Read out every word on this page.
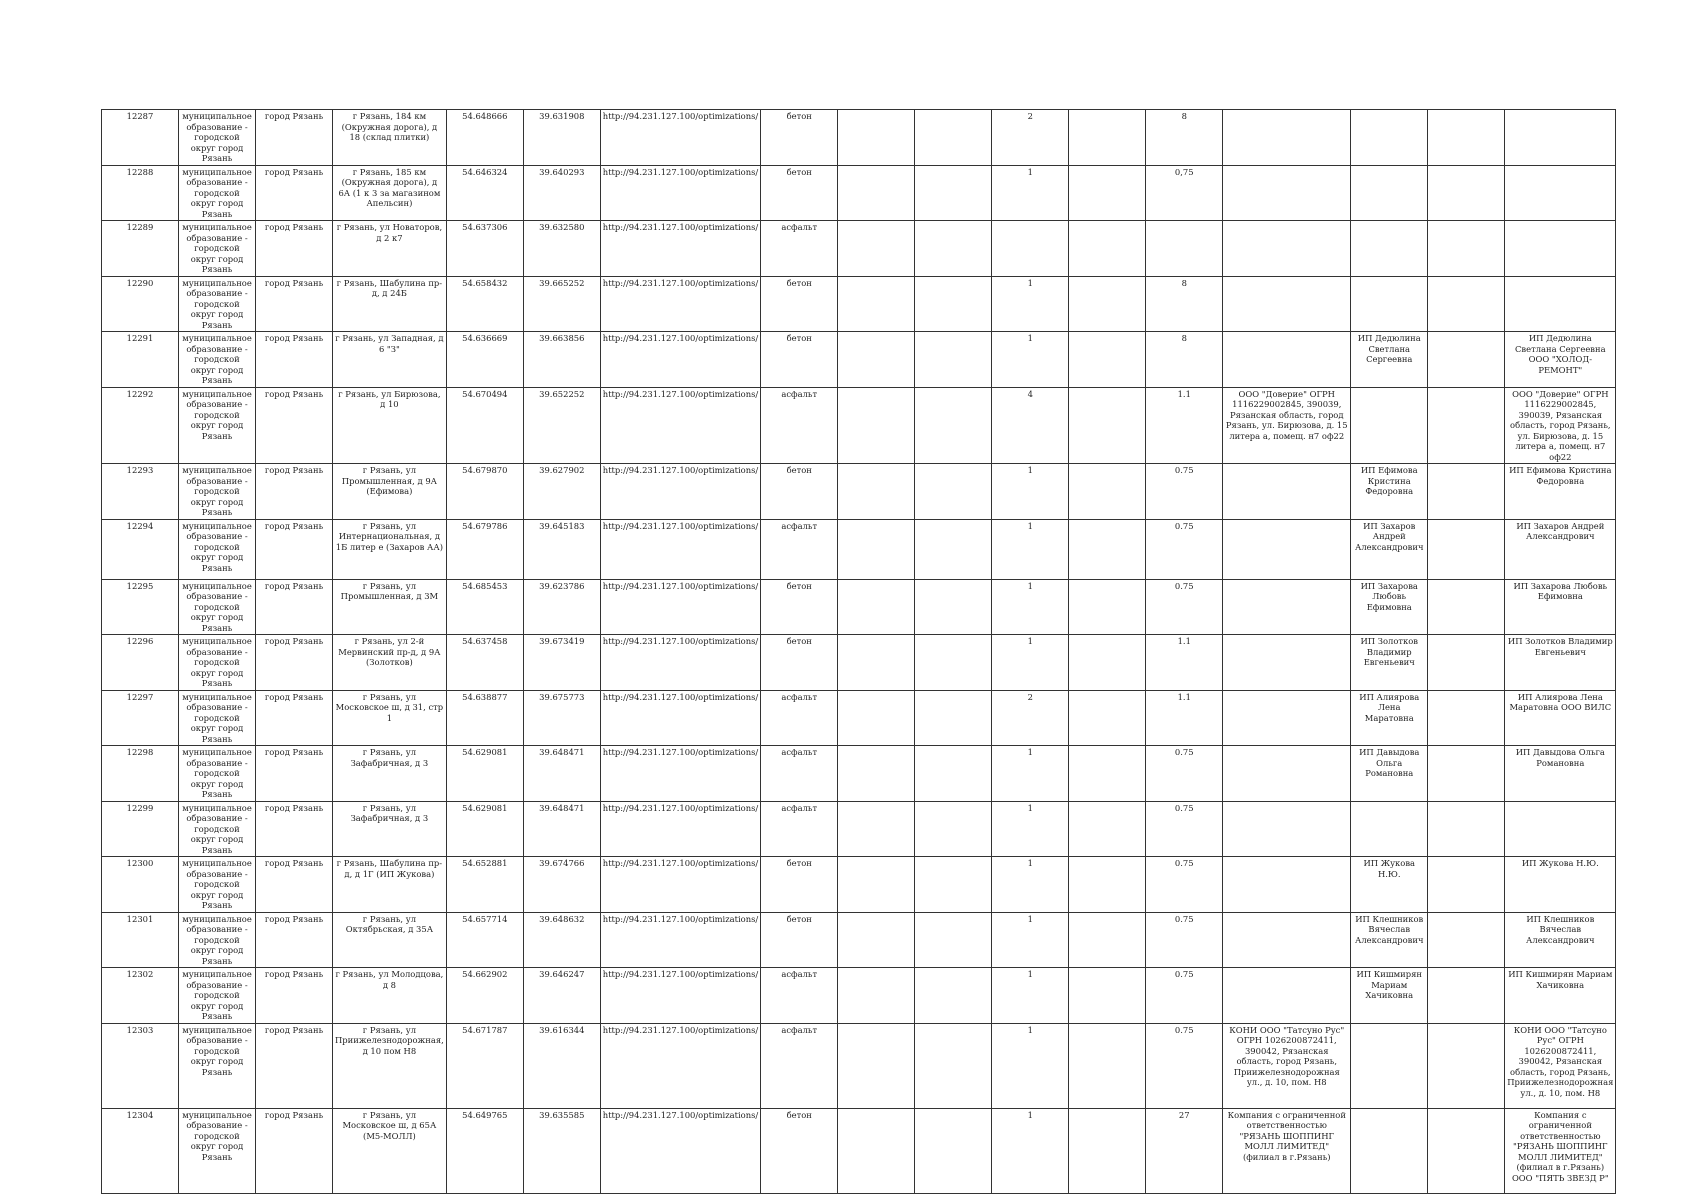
12287	муниципальное образование - городской округ город Рязань	город Рязань	г Рязань, 184 км (Окружная дорога), д 18 (склад плитки)	54.648666	39.631908	http://94.231.127.100/optimizations/	бетон			2		8				
12288	муниципальное образование - городской округ город Рязань	город Рязань	г Рязань, 185 км (Окружная дорога), д 6А (1 к 3 за магазином Апельсин)	54.646324	39.640293	http://94.231.127.100/optimizations/	бетон			1		0,75				
12289	муниципальное образование - городской округ город Рязань	город Рязань	г Рязань, ул Новаторов, д 2 к7	54.637306	39.632580	http://94.231.127.100/optimizations/	асфальт									
12290	муниципальное образование - городской округ город Рязань	город Рязань	г Рязань, Шабулина пр-д, д 24Б	54.658432	39.665252	http://94.231.127.100/optimizations/	бетон			1		8				
12291	муниципальное образование - городской округ город Рязань	город Рязань	г Рязань, ул Западная, д 6 "З"	54.636669	39.663856	http://94.231.127.100/optimizations/	бетон			1		8		ИП Дедюлина Светлана Сергеевна		ИП Дедюлина Светлана Сергеевна ООО "ХОЛОД-РЕМОНТ"
12292	муниципальное образование - городской округ город Рязань	город Рязань	г Рязань, ул Бирюзова, д 10	54.670494	39.652252	http://94.231.127.100/optimizations/	асфальт			4		1.1	ООО "Доверие" ОГРН 1116229002845, 390039, Рязанская область, город Рязань, ул. Бирюзова, д. 15 литера а, помещ. н7 оф22			ООО "Доверие" ОГРН 1116229002845, 390039, Рязанская область, город Рязань, ул. Бирюзова, д. 15 литера а, помещ. н7 оф22
12293	муниципальное образование - городской округ город Рязань	город Рязань	г Рязань, ул Промышленная, д 9А (Ефимова)	54.679870	39.627902	http://94.231.127.100/optimizations/	бетон			1		0.75		ИП Ефимова Кристина Федоровна		ИП Ефимова Кристина Федоровна
12294	муниципальное образование - городской округ город Рязань	город Рязань	г Рязань, ул Интернациональная, д 1Б литер е (Захаров АА)	54.679786	39.645183	http://94.231.127.100/optimizations/	асфальт			1		0.75		ИП Захаров Андрей Александрович		ИП Захаров Андрей Александрович
12295	муниципальное образование - городской округ город Рязань	город Рязань	г Рязань, ул Промышленная, д 3М	54.685453	39.623786	http://94.231.127.100/optimizations/	бетон			1		0.75		ИП Захарова Любовь Ефимовна		ИП Захарова Любовь Ефимовна
12296	муниципальное образование - городской округ город Рязань	город Рязань	г Рязань, ул 2-й Мервинский пр-д, д 9А (Золотков)	54.637458	39.673419	http://94.231.127.100/optimizations/	бетон			1		1.1		ИП Золотков Владимир Евгеньевич		ИП Золотков Владимир Евгеньевич
12297	муниципальное образование - городской округ город Рязань	город Рязань	г Рязань, ул Московское ш, д 31, стр 1	54.638877	39.675773	http://94.231.127.100/optimizations/	асфальт			2		1.1		ИП Алиярова Лена Маратовна		ИП Алиярова Лена Маратовна ООО ВИЛС
12298	муниципальное образование - городской округ город Рязань	город Рязань	г Рязань, ул Зафабричная, д 3	54.629081	39.648471	http://94.231.127.100/optimizations/	асфальт			1		0.75		ИП Давыдова Ольга Романовна		ИП Давыдова Ольга Романовна
12299	муниципальное образование - городской округ город Рязань	город Рязань	г Рязань, ул Зафабричная, д 3	54.629081	39.648471	http://94.231.127.100/optimizations/	асфальт			1		0.75				
12300	муниципальное образование - городской округ город Рязань	город Рязань	г Рязань, Шабулина пр-д, д 1Г (ИП Жукова)	54.652881	39.674766	http://94.231.127.100/optimizations/	бетон			1		0.75		ИП Жукова Н.Ю.		ИП Жукова Н.Ю.
12301	муниципальное образование - городской округ город Рязань	город Рязань	г Рязань, ул Октябрьская, д 35А	54.657714	39.648632	http://94.231.127.100/optimizations/	бетон			1		0.75		ИП Клешников Вячеслав Александрович		ИП Клешников Вячеслав Александрович
12302	муниципальное образование - городской округ город Рязань	город Рязань	г Рязань, ул Молодцова, д 8	54.662902	39.646247	http://94.231.127.100/optimizations/	асфальт			1		0.75		ИП Кишмирян Мариам Хачиковна		ИП Кишмирян Мариам Хачиковна
12303	муниципальное образование - городской округ город Рязань	город Рязань	г Рязань, ул Приижелезнодорожная, д 10 пом Н8	54.671787	39.616344	http://94.231.127.100/optimizations/	асфальт			1		0.75	КОНИ ООО "Татсуно Рус" ОГРН 1026200872411, 390042, Рязанская область, город Рязань, Приижелезнодорожная ул., д. 10, пом. Н8			КОНИ ООО "Татсуно Рус" ОГРН 1026200872411, 390042, Рязанская область, город Рязань, Приижелезнодорожная ул., д. 10, пом. Н8
12304	муниципальное образование - городской округ город Рязань	город Рязань	г Рязань, ул Московское ш, д 65А (М5-МОЛЛ)	54.649765	39.635585	http://94.231.127.100/optimizations/	бетон			1		27	Компания с ограниченной ответственностью "РЯЗАНЬ ШОППИНГ МОЛЛ ЛИМИТЕД" (филиал в г.Рязань)			Компания с ограниченной ответственностью "РЯЗАНЬ ШОППИНГ МОЛЛ ЛИМИТЕД" (филиал в г.Рязань) ООО "ПЯТЬ ЗВЕЗД Р"
